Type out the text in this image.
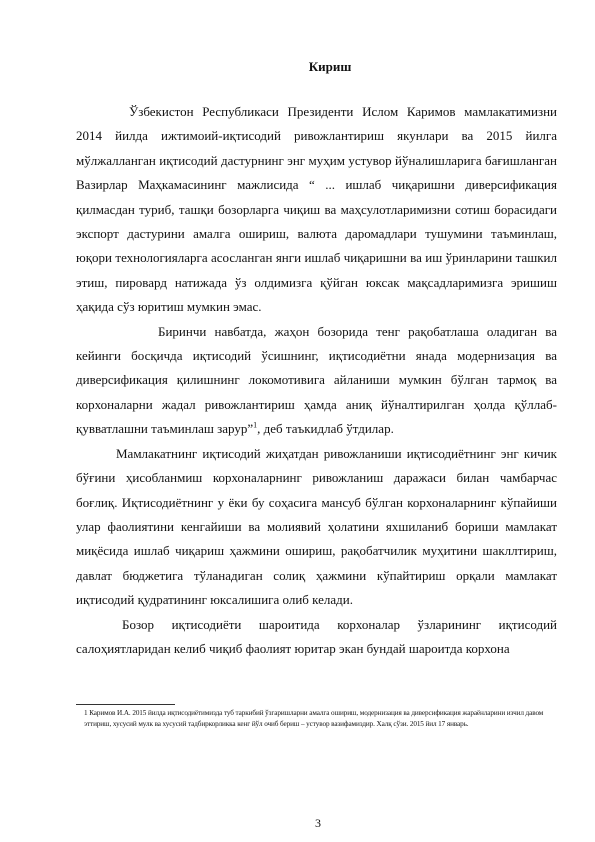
Кириш

Ўзбекистон Республикаси Президенти Ислом Каримов мамлакатимизни 2014 йилда ижтимоий-иқтисодий ривожлантириш якунлари ва 2015 йилга мўлжалланган иқтисодий дастурнинг энг муҳим устувор йўналишларига бағишланган Вазирлар Маҳкамасининг мажлисида “ ... ишлаб чиқаришни диверсификация қилмасдан туриб, ташқи бозорларга чиқиш ва маҳсулотларимизни сотиш борасидаги экспорт дастурини амалга ошириш, валюта даромадлари тушумини таъминлаш, юқори технологияларга асосланган янги ишлаб чиқаришни ва иш ўринларини ташкил этиш, пировард натижада ўз олдимизга қўйган юксак мақсадларимизга эришиш ҳақида сўз юритиш мумкин эмас.

Биринчи навбатда, жаҳон бозорида тенг рақобатлаша оладиган ва кейинги босқичда иқтисодий ўсишнинг, иқтисодиётни янада модернизация ва диверсификация қилишнинг локомотивига айланиши мумкин бўлган тармоқ ва корхоналарни жадал ривожлантириш ҳамда аниқ йўналтирилган ҳолда қўллаб-қувватлашни таъминлаш зарур”$^1$, деб таъкидлаб ўтдилар.

Мамлакатнинг иқтисодий жиҳатдан ривожланиши иқтисодиётнинг энг кичик бўғини ҳисобланмиш корхоналарнинг ривожланиш даражаси билан чамбарчас боғлиқ. Иқтисодиётнинг у ёки бу соҳасига мансуб бўлган корхоналарнинг кўпайиши улар фаолиятини кенгайиши ва молиявий ҳолатини яхшиланиб бориши мамлакат миқёсида ишлаб чиқариш ҳажмини ошириш, рақобатчилик муҳитини шакллтириш, давлат бюджетига тўланадиган солиқ ҳажмини кўпайтириш орқали мамлакат иқтисодий қудратининг юксалишига олиб келади.

Бозор иқтисодиёти шароитида корхоналар ўзларининг иқтисодий салоҳиятларидан келиб чиқиб фаолият юритар экан бундай шароитда корхона

1 Каримов И.А. 2015 йилда иқтисодиётимизда туб таркибий ўзгаришларни амалга ошириш, модернизация ва диверсификация жараёнларини изчил давом эттириш, хусусий мулк ва хусусий тадбиркорликка кенг йўл очиб бериш – устувор вазифамиздир. Халқ сўзи. 2015 йил 17 январь.
3
